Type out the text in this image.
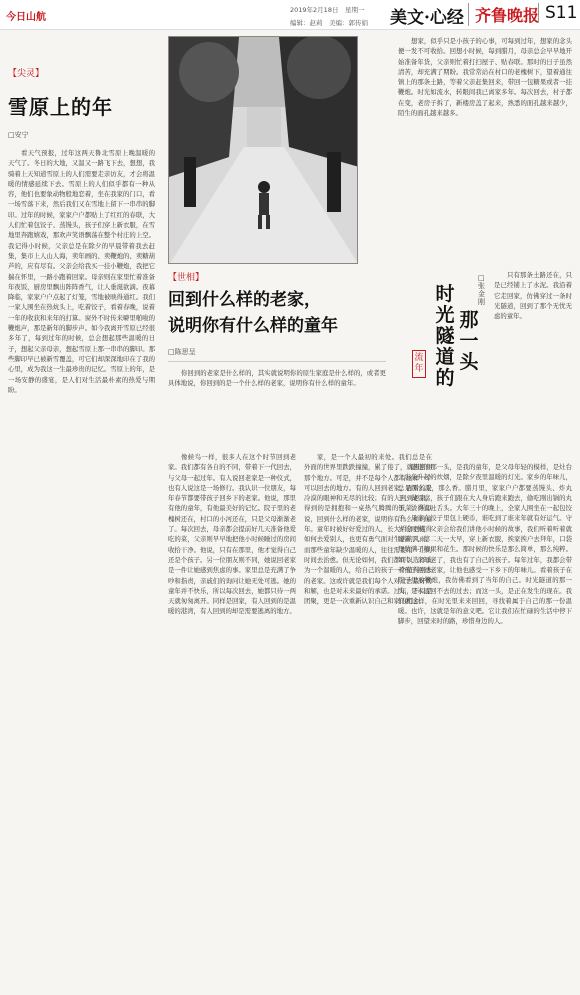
今日山航
2019年2月18日　星期一
编辑：赵莉　美编：郭传娟 美文·心经 齐鲁晚报 S11
【尖灵】
雪原上的年
□安宁
看天气预报，过年这两天鲁北雪原上晚温暖的天气了。冬日的大地，又温又一路飞下去，想想，我骑着上天知道雪原上的人们需要走亲访友，才会将温暖的情感延续下去。雪原上的人们似乎都有一种从容，他们也要象动物般地恋着，坐在我家的门口，看一场雪落下来，然后我们又在雪地上留下一串串的脚印。过年的时候，家家户户都贴上了红红的春联，大人们忙着包饺子、蒸馒头，孩子们穿上新衣服，在雪地里奔跑嬉戏，那欢声笑语飘荡在整个村庄的上空。我记得小时候，父亲总是在除夕的早晨带着我去赶集，集市上人山人海，卖年画的、卖鞭炮的、卖糖葫芦的，应有尽有。父亲会给我买一挂小鞭炮，我把它揣在怀里，一路小跑着回家。母亲则在家里忙着准备年夜饭，厨房里飘出阵阵香气，让人垂涎欲滴。夜幕降临，家家户户点起了灯笼，雪地被映得通红。我们一家人围坐在热炕头上，吃着饺子，看着春晚，说着一年的收获和来年的打算。窗外不时传来噼里啪啦的鞭炮声，那是新年的脚步声。如今我离开雪原已经很多年了，每到过年的时候，总会想起那些温暖的日子，想起父亲母亲，想起雪原上那一串串的脚印。那些脚印早已被新雪覆盖，可它们却深深地印在了我的心里，成为我这一生最珍贵的记忆。雪原上的年，是一场安静的盛宴，是人们对生活最朴素的热爱与期盼。
【世相】
回到什么样的老家，
说明你有什么样的童年
□陈思呈
你回到的老家是什么样的，其实就说明你的原生家庭是什么样的，或者更具体地说，你回到的是一个什么样的老家，说明你有什么样的童年。
像候鸟一样，很多人在这个时节回到老家。我们都有各自的不同，带着下一代回去，与父母一起过年。有人说回老家是一种仪式，也有人说这是一场修行。我认识一位朋友，每年春节都要带孩子回乡下的老家。他说，那里有他的童年，有他最美好的记忆。院子里的老槐树还在，村口的小河还在，只是父母渐渐老了。每次回去，母亲都会提前好几天准备他爱吃的菜，父亲则早早地把他小时候睡过的房间收拾干净。他说，只有在那里，他才觉得自己还是个孩子。另一位朋友则不同，她说回老家是一件让她感到焦虑的事。家里总是充满了争吵和指责，亲戚们的询问让她无处可逃。她的童年并不快乐，所以每次回去，她都只待一两天就匆匆离开。同样是回家，有人回到的是温暖的港湾，有人回到的却是需要逃离的地方。
家，是一个人最初的来处。我们总是在外面的世界里跌跌撞撞，累了倦了，就想回到那个地方。可是，并不是每个人都有这样一个可以回去的地方。有的人回到老家，面对的是冷漠的眼神和无尽的比较；有的人回到老家，得到的是拥抱和一桌热气腾腾的饭菜。所以说，回到什么样的老家，说明你有什么样的童年。童年时被好好爱过的人，长大后会更懂得如何去爱别人，也更有勇气面对生活的风雨。而那些童年缺少温暖的人，往往需要用一生的时间去治愈。但无论如何，我们都可以选择成为一个温暖的人，给自己的孩子一个值得回去的老家。这或许就是我们每个人对过去最好的和解，也是对未来最好的承诺。过年，不只是团聚，更是一次重新认识自己和家的机会。
想家，似乎只是小孩子的心事，可每到过年，想家的念头便一发不可收拾。回想小时候，每到腊月，母亲总会早早地开始准备年货，父亲则忙着打扫屋子、贴春联。那时的日子虽然清苦，却充满了期盼。我常常站在村口的老槐树下，望着通往镇上的那条土路，等着父亲赶集回来，带回一包糖果或者一挂鞭炮。时光如流水，转眼间我已离家多年。每次回去，村子都在变，老房子拆了，新楼房盖了起来，熟悉的面孔越来越少，陌生的面孔越来越多。
流年
时光隧道的
那一头
□张金刚
只有那条土路还在，只是已经铺上了水泥。我沿着它走回家，仿佛穿过一条时光隧道，回到了那个无忧无虑的童年。
隧道的那一头，是我的童年，是父母年轻的模样，是灶台上袅袅升起的炊烟，是除夕夜里温暖的灯光。家乡的年味儿，总是那么浓，那么香。腊月里，家家户户都要蒸馒头、炸丸子、做豆腐，孩子们跟在大人身后跑来跑去，偷吃刚出锅的丸子，烫得直吐舌头。大年三十的晚上，全家人围坐在一起包饺子，母亲在饺子里包上硬币，谁吃到了谁来年就有好运气。守岁的时候，父亲会给我们讲他小时候的故事，我们听着听着就睡着了。第二天一大早，穿上新衣服，挨家挨户去拜年，口袋里装满了糖果和花生。那时候的快乐是那么简单，那么纯粹。如今，父母老了，我也有了自己的孩子。每年过年，我都会带着孩子回到老家，让他也感受一下乡下的年味儿。看着孩子在院子里放鞭炮，我仿佛看到了当年的自己。时光隧道的那一头，是永远回不去的过去；而这一头，是正在发生的现在。我们就这样，在时光里来来回回，寻找着属于自己的那一份温暖。也许，这就是年的意义吧。它让我们在忙碌的生活中停下脚步，回望来时的路，珍惜身边的人。
